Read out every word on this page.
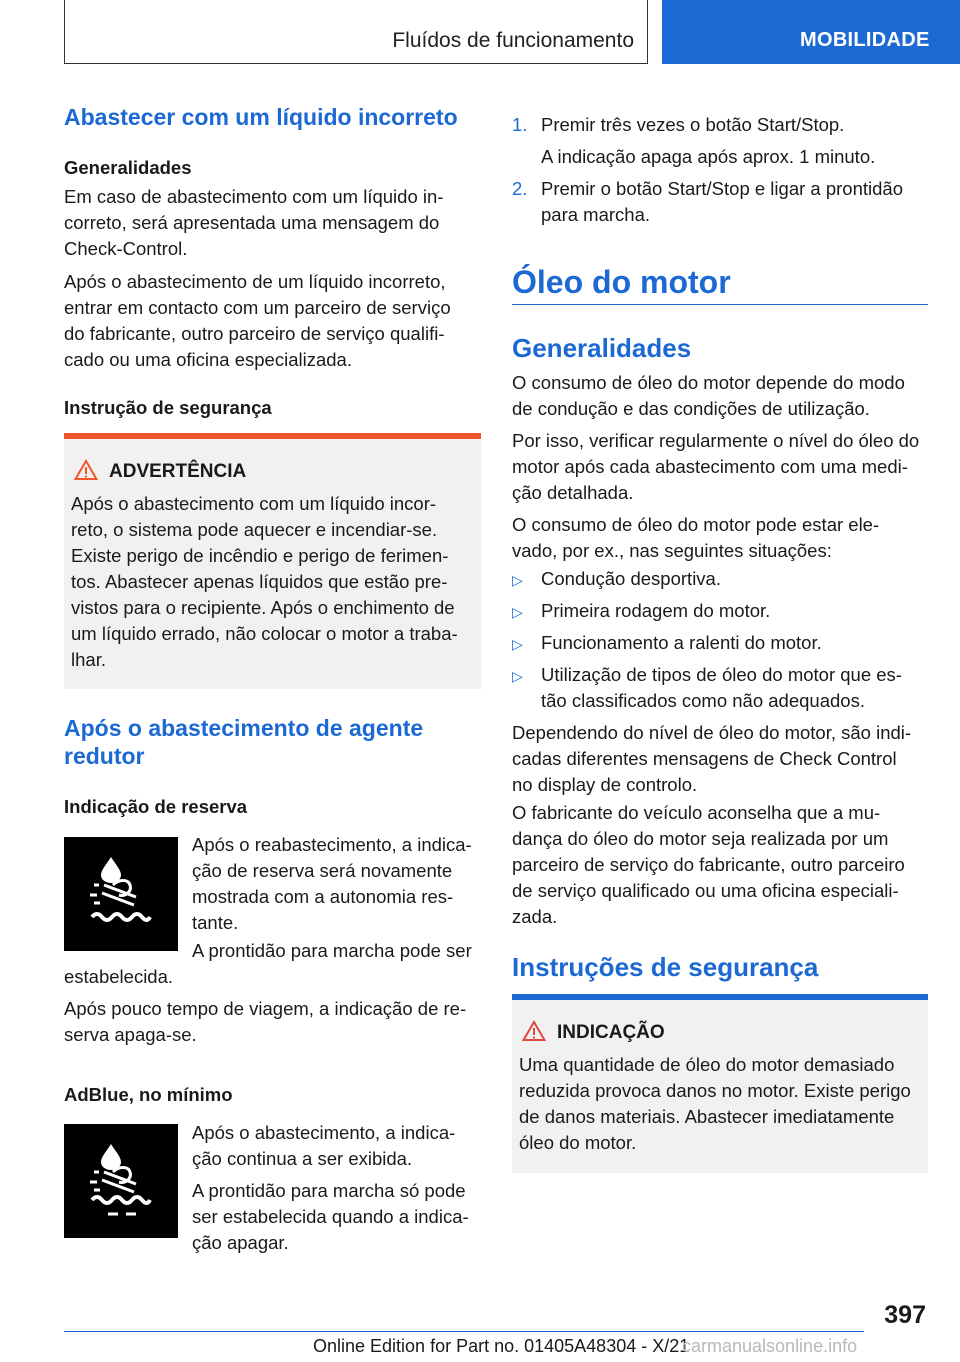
Fluídos de funcionamento	MOBILIDADE
Abastecer com um líquido incorreto
Generalidades

Em caso de abastecimento com um líquido in-

correto, será apresentada uma mensagem do

Check-Control.

Após o abastecimento de um líquido incorreto,

entrar em contacto com um parceiro de serviço

do fabricante, outro parceiro de serviço qualifi-

cado ou uma oficina especializada.

Instrução de segurança
ADVERTÊNCIA

Após o abastecimento com um líquido incor-

reto, o sistema pode aquecer e incendiar-se.

Existe perigo de incêndio e perigo de ferimen-

tos. Abastecer apenas líquidos que estão pre-

vistos para o recipiente. Após o enchimento de

um líquido errado, não colocar o motor a traba-

lhar.

Após o abastecimento de agente
redutor
Indicação de reserva

Após o reabastecimento, a indica-

ção de reserva será novamente

mostrada com a autonomia res-

tante.

A prontidão para marcha pode ser
estabelecida.

Após pouco tempo de viagem, a indicação de re-

serva apaga-se.

AdBlue, no mínimo

Após o abastecimento, a indica-

ção continua a ser exibida.

A prontidão para marcha só pode

ser estabelecida quando a indica-

ção apagar.

1. Premir três vezes o botão Start/Stop.
A indicação apaga após aprox. 1 minuto.
2. Premir o botão Start/Stop e ligar a prontidão

para marcha.

Óleo do motor
Generalidades

O consumo de óleo do motor depende do modo

de condução e das condições de utilização.

Por isso, verificar regularmente o nível do óleo do

motor após cada abastecimento com uma medi-

ção detalhada.

O consumo de óleo do motor pode estar ele-

vado, por ex., nas seguintes situações:

▷ Condução desportiva.
▷ Primeira rodagem do motor.
▷ Funcionamento a ralenti do motor.
▷ Utilização de tipos de óleo do motor que es-

tão classificados como não adequados.

Dependendo do nível de óleo do motor, são indi-

cadas diferentes mensagens de Check Control

no display de controlo.

O fabricante do veículo aconselha que a mu-

dança do óleo do motor seja realizada por um

parceiro de serviço do fabricante, outro parceiro

de serviço qualificado ou uma oficina especiali-

zada.

Instruções de segurança
INDICAÇÃO

Uma quantidade de óleo do motor demasiado

reduzida provoca danos no motor. Existe perigo

de danos materiais. Abastecer imediatamente

óleo do motor.

397
Online Edition for Part no. 01405A48304 - X/21
carmanualsonline.info
